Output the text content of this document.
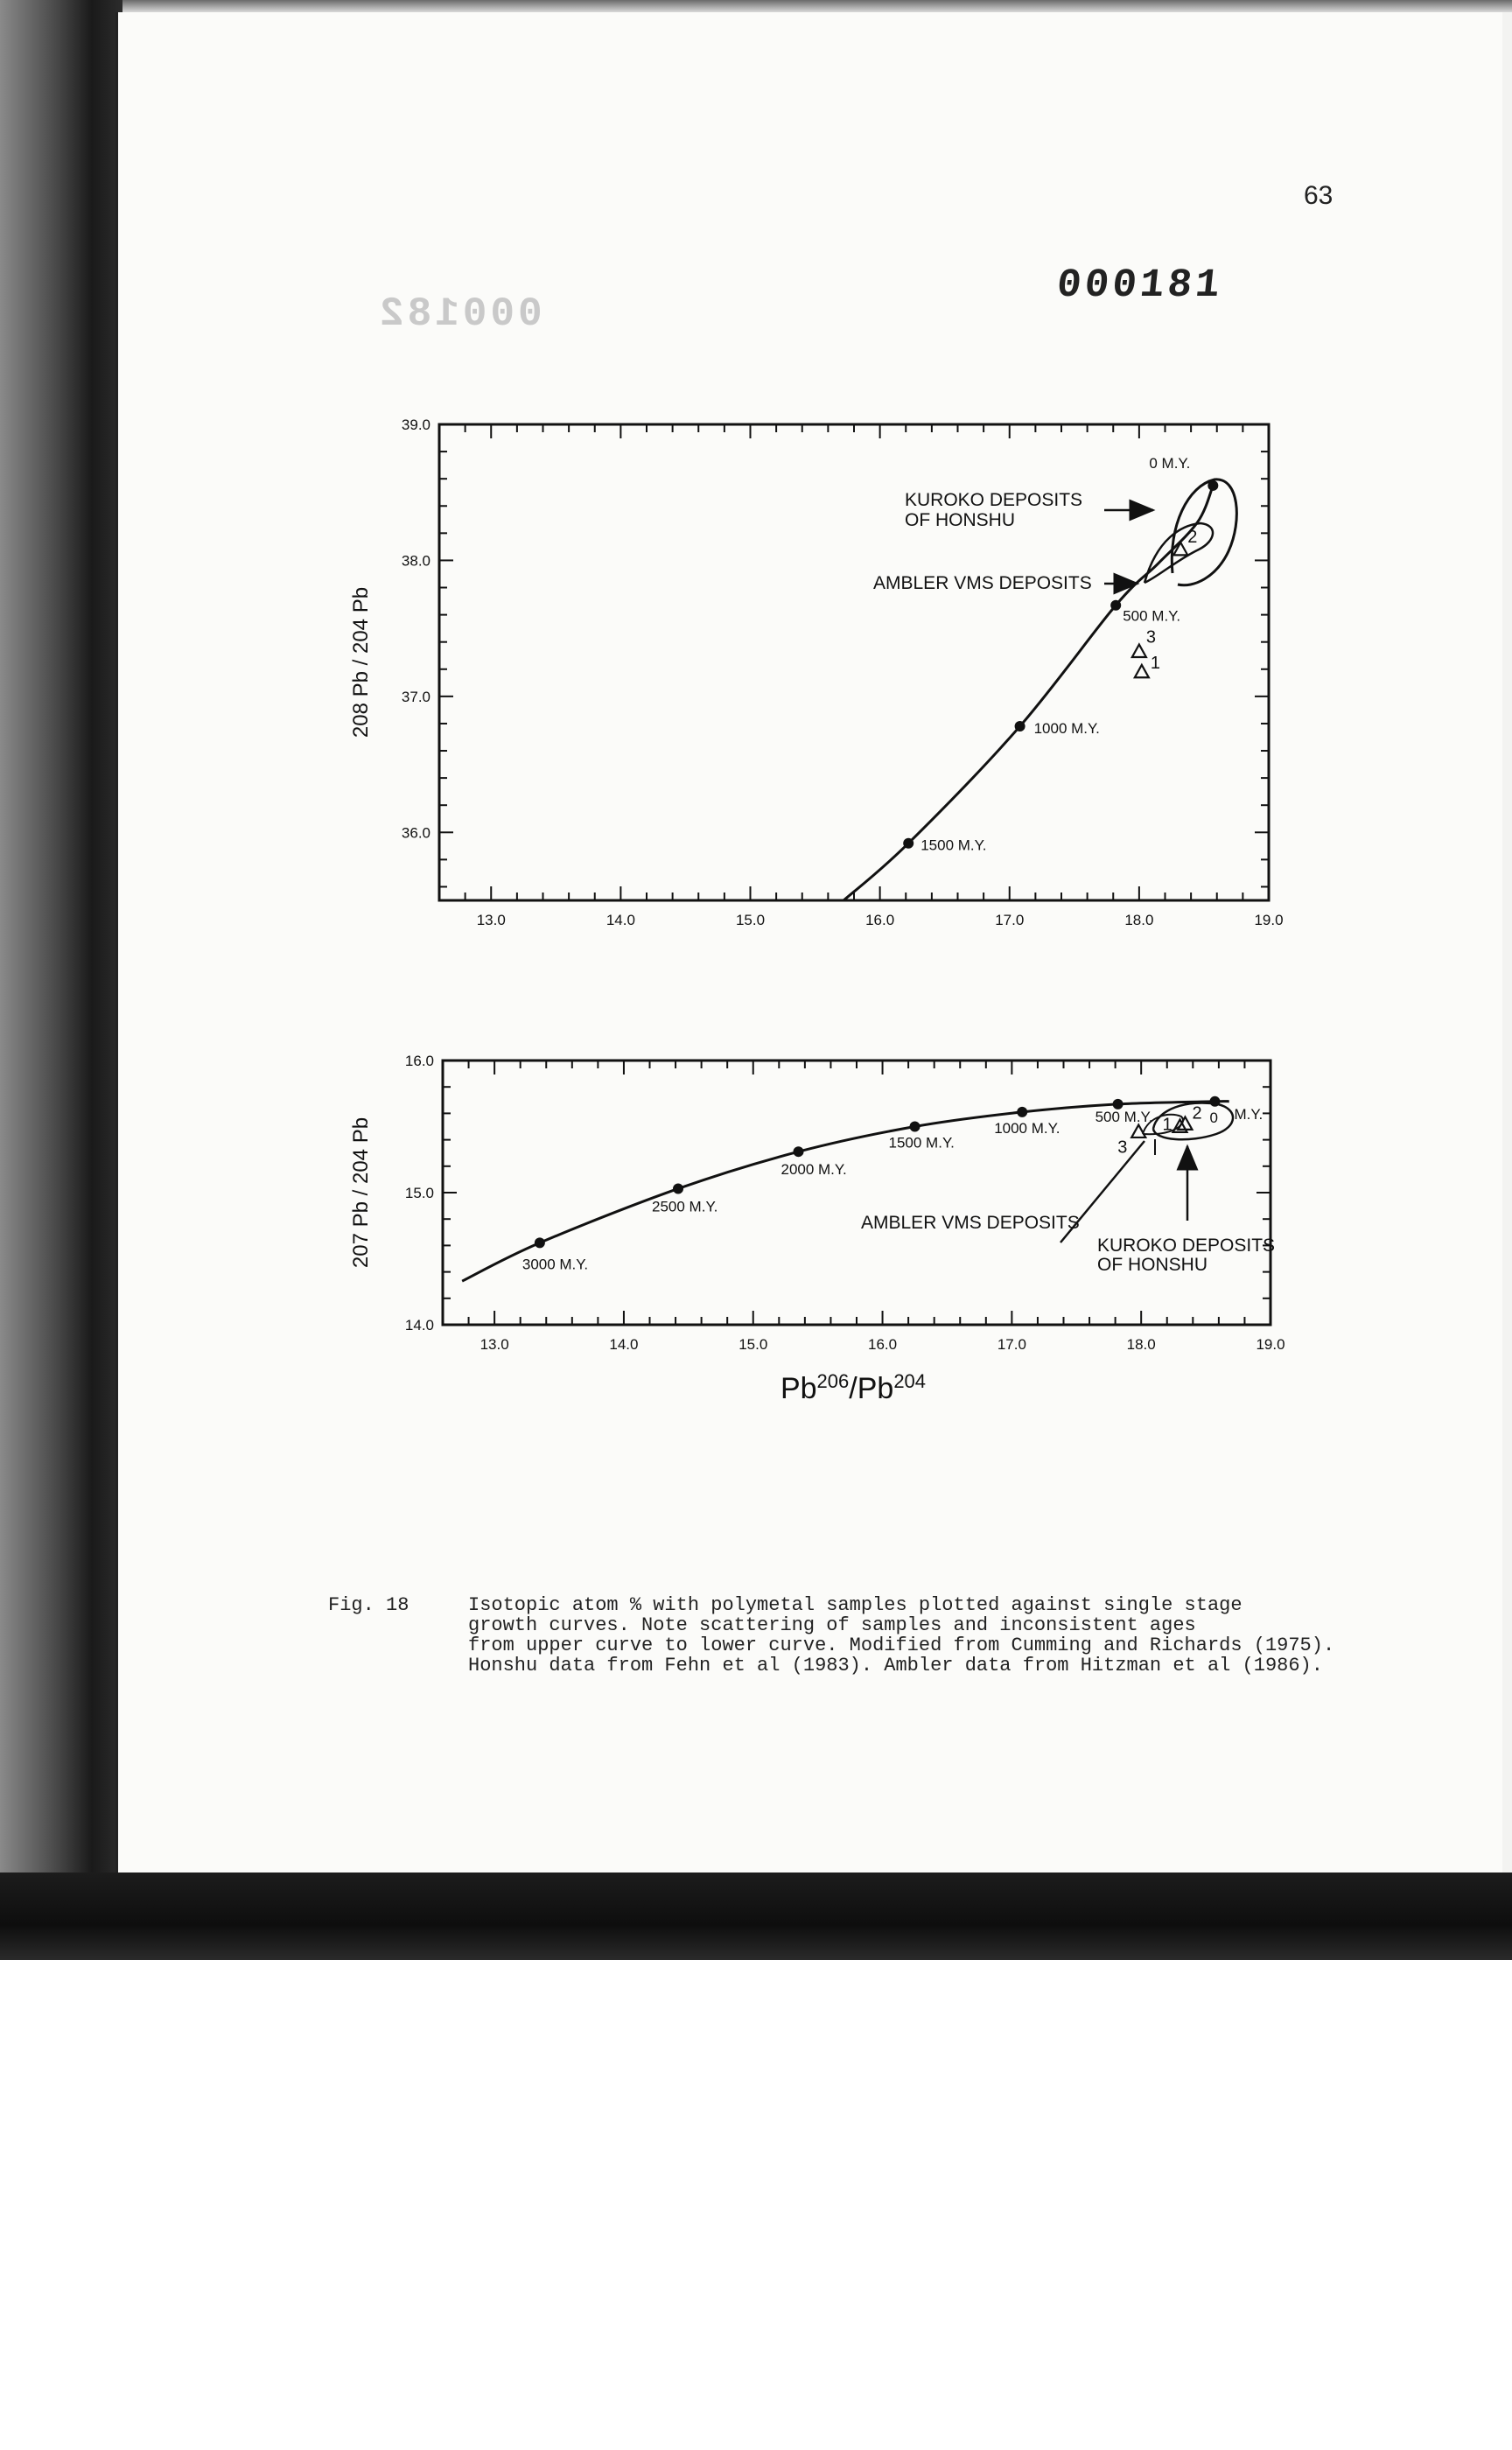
63
000181
000182
13.0	14.0	15.0	16.0	17.0	18.0	19.0
36.0
37.0
38.0
39.0
1500 M.Y.
1000 M.Y.
500 M.Y.
0 M.Y.
KUROKO DEPOSITS
OF HONSHU
AMBLER VMS DEPOSITS
2
3
1
208 Pb / 204 Pb
13.0	14.0	15.0	16.0	17.0	18.0	19.0
14.0
15.0
16.0
3000 M.Y.
2500 M.Y.
2000 M.Y.
1500 M.Y.
1000 M.Y.
500 M.Y.	0 M.Y.
AMBLER VMS DEPOSITS
KUROKO DEPOSITS
OF HONSHU
3
2
1
207 Pb / 204 Pb
Pb$^{206}$/Pb$^{204}$
Fig. 18	Isotopic atom % with polymetal samples plotted against single stage
growth curves. Note scattering of samples and inconsistent ages
from upper curve to lower curve. Modified from Cumming and Richards (1975).
Honshu data from Fehn et al (1983). Ambler data from Hitzman et al (1986).
